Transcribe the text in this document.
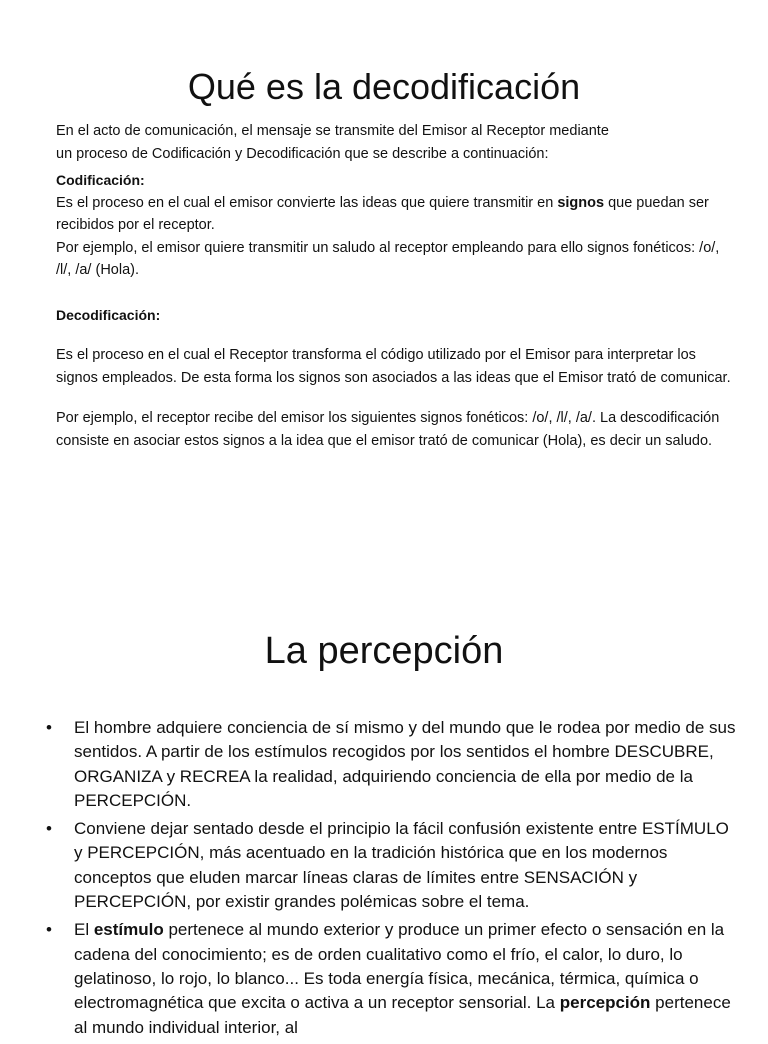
Qué es la decodificación

En el acto de comunicación, el mensaje se transmite del Emisor al Receptor mediante

un proceso de Codificación y Decodificación que se describe a continuación:

Codificación:

Es el proceso en el cual el emisor convierte las ideas que quiere transmitir en signos que puedan ser recibidos por el receptor.

Por ejemplo, el emisor quiere transmitir un saludo al receptor empleando para ello signos fonéticos: /o/, /l/, /a/ (Hola).

Decodificación:

Es el proceso en el cual el Receptor transforma el código utilizado por el Emisor para interpretar los signos empleados. De esta forma los signos son asociados a las ideas que el Emisor trató de comunicar.

Por ejemplo, el receptor recibe del emisor los siguientes signos fonéticos: /o/, /l/, /a/. La descodificación consiste en asociar estos signos a la idea que el emisor trató de comunicar (Hola), es decir un saludo.

La percepción
• El hombre adquiere conciencia de sí mismo y del mundo que le rodea por medio de sus sentidos. A partir de los estímulos recogidos por los sentidos el hombre DESCUBRE, ORGANIZA y RECREA la realidad, adquiriendo conciencia de ella por medio de la PERCEPCIÓN.
• Conviene dejar sentado desde el principio la fácil confusión existente entre ESTÍMULO y PERCEPCIÓN, más acentuado en la tradición histórica que en los modernos conceptos que eluden marcar líneas claras de límites entre SENSACIÓN y PERCEPCIÓN, por existir grandes polémicas sobre el tema.
• El estímulo pertenece al mundo exterior y produce un primer efecto o sensación en la cadena del conocimiento; es de orden cualitativo como el frío, el calor, lo duro, lo gelatinoso, lo rojo, lo blanco... Es toda energía física, mecánica, térmica, química o electromagnética que excita o activa a un receptor sensorial. La percepción pertenece al mundo individual interior, al
